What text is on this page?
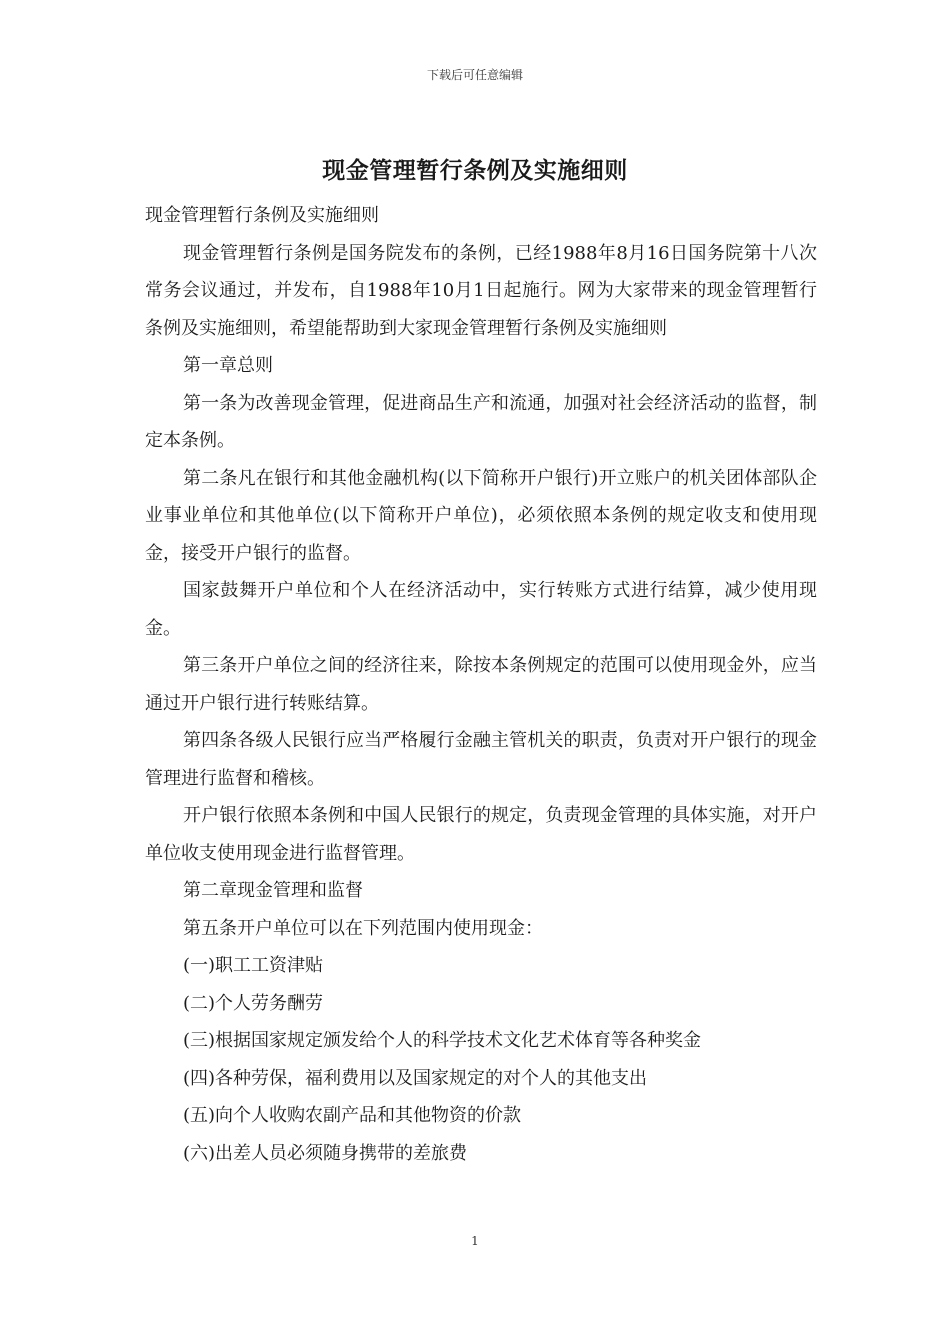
下载后可任意编辑
现金管理暂行条例及实施细则

现金管理暂行条例及实施细则

现金管理暂行条例是国务院发布的条例，已经1988年8月16日国务院第十八次常务会议通过，并发布，自1988年10月1日起施行。网为大家带来的现金管理暂行条例及实施细则，希望能帮助到大家现金管理暂行条例及实施细则

第一章总则

第一条为改善现金管理，促进商品生产和流通，加强对社会经济活动的监督，制定本条例。

第二条凡在银行和其他金融机构(以下简称开户银行)开立账户的机关团体部队企业事业单位和其他单位(以下简称开户单位)，必须依照本条例的规定收支和使用现金，接受开户银行的监督。

国家鼓舞开户单位和个人在经济活动中，实行转账方式进行结算，减少使用现金。

第三条开户单位之间的经济往来，除按本条例规定的范围可以使用现金外，应当通过开户银行进行转账结算。

第四条各级人民银行应当严格履行金融主管机关的职责，负责对开户银行的现金管理进行监督和稽核。

开户银行依照本条例和中国人民银行的规定，负责现金管理的具体实施，对开户单位收支使用现金进行监督管理。

第二章现金管理和监督

第五条开户单位可以在下列范围内使用现金：

(一)职工工资津贴

(二)个人劳务酬劳

(三)根据国家规定颁发给个人的科学技术文化艺术体育等各种奖金

(四)各种劳保，福利费用以及国家规定的对个人的其他支出

(五)向个人收购农副产品和其他物资的价款

(六)出差人员必须随身携带的差旅费

1
